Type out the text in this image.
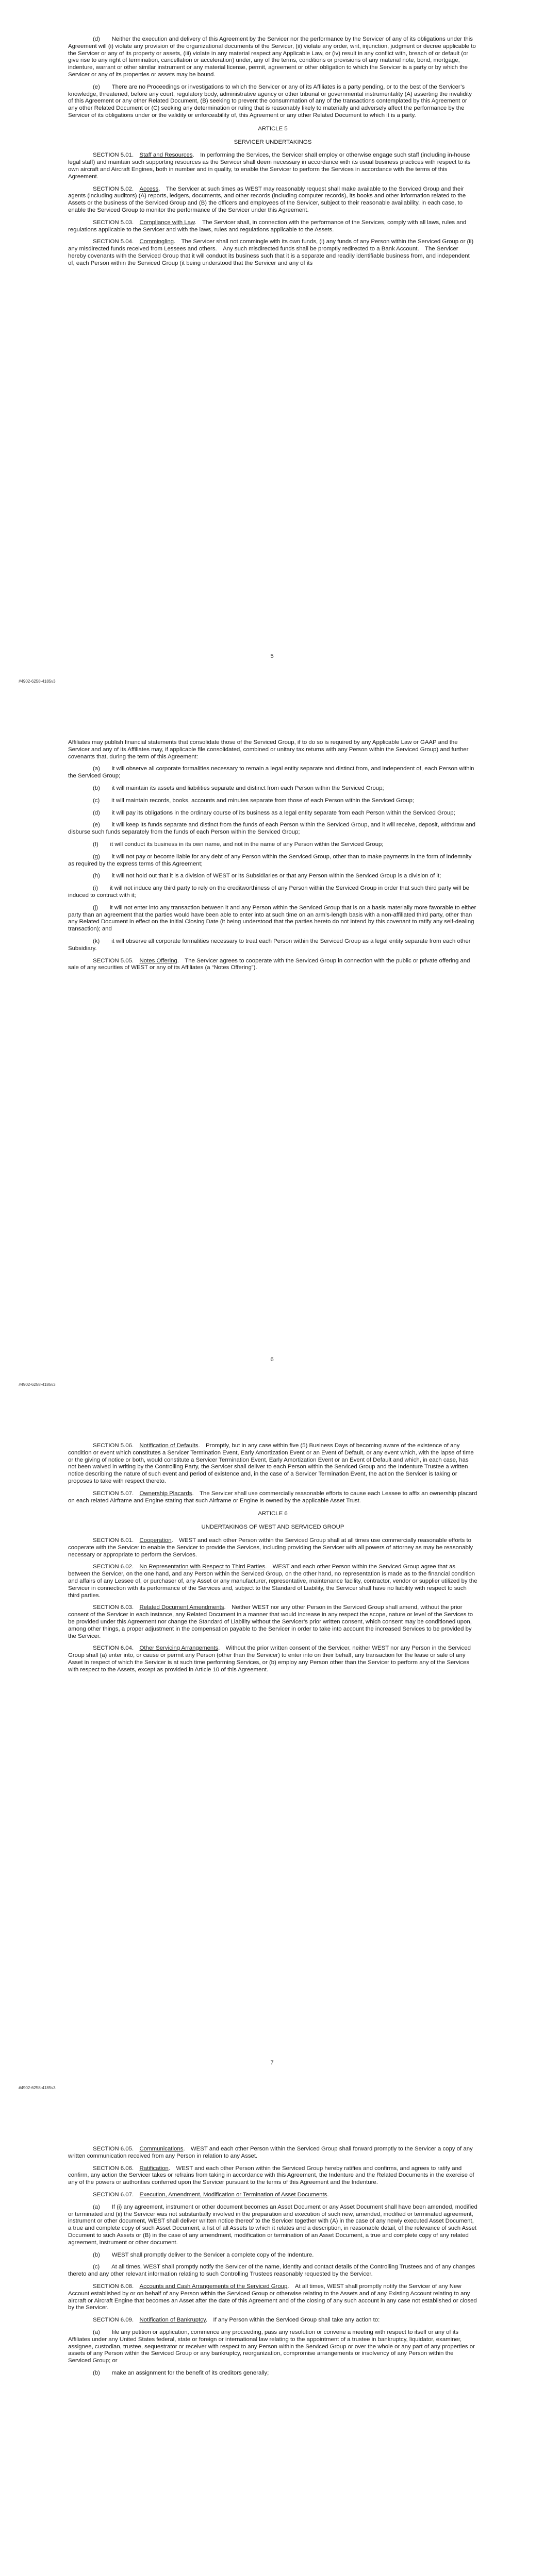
(d)  Neither the execution and delivery of this Agreement by the Servicer nor the performance by the Servicer of any of its obligations under this Agreement will (i) violate any provision of the organizational documents of the Servicer, (ii) violate any order, writ, injunction, judgment or decree applicable to the Servicer or any of its property or assets, (iii) violate in any material respect any Applicable Law, or (iv) result in any conflict with, breach of or default (or give rise to any right of termination, cancellation or acceleration) under, any of the terms, conditions or provisions of any material note, bond, mortgage, indenture, warrant or other similar instrument or any material license, permit, agreement or other obligation to which the Servicer is a party or by which the Servicer or any of its properties or assets may be bound.

(e)  There are no Proceedings or investigations to which the Servicer or any of its Affiliates is a party pending, or to the best of the Servicer’s knowledge, threatened, before any court, regulatory body, administrative agency or other tribunal or governmental instrumentality (A) asserting the invalidity of this Agreement or any other Related Document, (B) seeking to prevent the consummation of any of the transactions contemplated by this Agreement or any other Related Document or (C) seeking any determination or ruling that is reasonably likely to materially and adversely affect the performance by the Servicer of its obligations under or the validity or enforceability of, this Agreement or any other Related Document to which it is a party.

ARTICLE 5

SERVICER UNDERTAKINGS

SECTION 5.01.  Staff and Resources. In performing the Services, the Servicer shall employ or otherwise engage such staff (including in-house legal staff) and maintain such supporting resources as the Servicer shall deem necessary in accordance with its usual business practices with respect to its own aircraft and Aircraft Engines, both in number and in quality, to enable the Servicer to perform the Services in accordance with the terms of this Agreement.

SECTION 5.02.  Access. The Servicer at such times as WEST may reasonably request shall make available to the Serviced Group and their agents (including auditors) (A) reports, ledgers, documents, and other records (including computer records), its books and other information related to the Assets or the business of the Serviced Group and (B) the officers and employees of the Servicer, subject to their reasonable availability, in each case, to enable the Serviced Group to monitor the performance of the Servicer under this Agreement.

SECTION 5.03.  Compliance with Law. The Servicer shall, in connection with the performance of the Services, comply with all laws, rules and regulations applicable to the Servicer and with the laws, rules and regulations applicable to the Assets.

SECTION 5.04.  Commingling. The Servicer shall not commingle with its own funds, (i) any funds of any Person within the Serviced Group or (ii) any misdirected funds received from Lessees and others. Any such misdirected funds shall be promptly redirected to a Bank Account. The Servicer hereby covenants with the Serviced Group that it will conduct its business such that it is a separate and readily identifiable business from, and independent of, each Person within the Serviced Group (it being understood that the Servicer and any of its

5
#4902-6258-4185v3

Affiliates may publish financial statements that consolidate those of the Serviced Group, if to do so is required by any Applicable Law or GAAP and the Servicer and any of its Affiliates may, if applicable file consolidated, combined or unitary tax returns with any Person within the Serviced Group) and further covenants that, during the term of this Agreement:

(a)  it will observe all corporate formalities necessary to remain a legal entity separate and distinct from, and independent of, each Person within the Serviced Group;

(b)  it will maintain its assets and liabilities separate and distinct from each Person within the Serviced Group;

(c)  it will maintain records, books, accounts and minutes separate from those of each Person within the Serviced Group;

(d)  it will pay its obligations in the ordinary course of its business as a legal entity separate from each Person within the Serviced Group;

(e)  it will keep its funds separate and distinct from the funds of each Person within the Serviced Group, and it will receive, deposit, withdraw and disburse such funds separately from the funds of each Person within the Serviced Group;

(f)  it will conduct its business in its own name, and not in the name of any Person within the Serviced Group;

(g)  it will not pay or become liable for any debt of any Person within the Serviced Group, other than to make payments in the form of indemnity as required by the express terms of this Agreement;

(h)  it will not hold out that it is a division of WEST or its Subsidiaries or that any Person within the Serviced Group is a division of it;

(i)  it will not induce any third party to rely on the creditworthiness of any Person within the Serviced Group in order that such third party will be induced to contract with it;

(j)  it will not enter into any transaction between it and any Person within the Serviced Group that is on a basis materially more favorable to either party than an agreement that the parties would have been able to enter into at such time on an arm’s-length basis with a non-affiliated third party, other than any Related Document in effect on the Initial Closing Date (it being understood that the parties hereto do not intend by this covenant to ratify any self-dealing transaction); and

(k)  it will observe all corporate formalities necessary to treat each Person within the Serviced Group as a legal entity separate from each other Subsidiary.

SECTION 5.05.  Notes Offering. The Servicer agrees to cooperate with the Serviced Group in connection with the public or private offering and sale of any securities of WEST or any of its Affiliates (a “Notes Offering”).

6
#4902-6258-4185v3

SECTION 5.06.  Notification of Defaults. Promptly, but in any case within five (5) Business Days of becoming aware of the existence of any condition or event which constitutes a Servicer Termination Event, Early Amortization Event or an Event of Default, or any event which, with the lapse of time or the giving of notice or both, would constitute a Servicer Termination Event, Early Amortization Event or an Event of Default and which, in each case, has not been waived in writing by the Controlling Party, the Servicer shall deliver to each Person within the Serviced Group and the Indenture Trustee a written notice describing the nature of such event and period of existence and, in the case of a Servicer Termination Event, the action the Servicer is taking or proposes to take with respect thereto.

SECTION 5.07.  Ownership Placards. The Servicer shall use commercially reasonable efforts to cause each Lessee to affix an ownership placard on each related Airframe and Engine stating that such Airframe or Engine is owned by the applicable Asset Trust.

ARTICLE 6

UNDERTAKINGS OF WEST AND SERVICED GROUP

SECTION 6.01.  Cooperation. WEST and each other Person within the Serviced Group shall at all times use commercially reasonable efforts to cooperate with the Servicer to enable the Servicer to provide the Services, including providing the Servicer with all powers of attorney as may be reasonably necessary or appropriate to perform the Services.

SECTION 6.02.  No Representation with Respect to Third Parties. WEST and each other Person within the Serviced Group agree that as between the Servicer, on the one hand, and any Person within the Serviced Group, on the other hand, no representation is made as to the financial condition and affairs of any Lessee of, or purchaser of, any Asset or any manufacturer, representative, maintenance facility, contractor, vendor or supplier utilized by the Servicer in connection with its performance of the Services and, subject to the Standard of Liability, the Servicer shall have no liability with respect to such third parties.

SECTION 6.03.  Related Document Amendments. Neither WEST nor any other Person in the Serviced Group shall amend, without the prior consent of the Servicer in each instance, any Related Document in a manner that would increase in any respect the scope, nature or level of the Services to be provided under this Agreement nor change the Standard of Liability without the Servicer’s prior written consent, which consent may be conditioned upon, among other things, a proper adjustment in the compensation payable to the Servicer in order to take into account the increased Services to be provided by the Servicer.

SECTION 6.04.  Other Servicing Arrangements. Without the prior written consent of the Servicer, neither WEST nor any Person in the Serviced Group shall (a) enter into, or cause or permit any Person (other than the Servicer) to enter into on their behalf, any transaction for the lease or sale of any Asset in respect of which the Servicer is at such time performing Services, or (b) employ any Person other than the Servicer to perform any of the Services with respect to the Assets, except as provided in Article 10 of this Agreement.

7
#4902-6258-4185v3

SECTION 6.05.  Communications. WEST and each other Person within the Serviced Group shall forward promptly to the Servicer a copy of any written communication received from any Person in relation to any Asset.

SECTION 6.06.  Ratification. WEST and each other Person within the Serviced Group hereby ratifies and confirms, and agrees to ratify and confirm, any action the Servicer takes or refrains from taking in accordance with this Agreement, the Indenture and the Related Documents in the exercise of any of the powers or authorities conferred upon the Servicer pursuant to the terms of this Agreement and the Indenture.

SECTION 6.07.  Execution, Amendment, Modification or Termination of Asset Documents.

(a)  If (i) any agreement, instrument or other document becomes an Asset Document or any Asset Document shall have been amended, modified or terminated and (ii) the Servicer was not substantially involved in the preparation and execution of such new, amended, modified or terminated agreement, instrument or other document, WEST shall deliver written notice thereof to the Servicer together with (A) in the case of any newly executed Asset Document, a true and complete copy of such Asset Document, a list of all Assets to which it relates and a description, in reasonable detail, of the relevance of such Asset Document to such Assets or (B) in the case of any amendment, modification or termination of an Asset Document, a true and complete copy of any related agreement, instrument or other document.

(b)  WEST shall promptly deliver to the Servicer a complete copy of the Indenture.

(c)  At all times, WEST shall promptly notify the Servicer of the name, identity and contact details of the Controlling Trustees and of any changes thereto and any other relevant information relating to such Controlling Trustees reasonably requested by the Servicer.

SECTION 6.08.  Accounts and Cash Arrangements of the Serviced Group. At all times, WEST shall promptly notify the Servicer of any New Account established by or on behalf of any Person within the Serviced Group or otherwise relating to the Assets and of any Existing Account relating to any aircraft or Aircraft Engine that becomes an Asset after the date of this Agreement and of the closing of any such account in any case not established or closed by the Servicer.

SECTION 6.09.  Notification of Bankruptcy. If any Person within the Serviced Group shall take any action to:

(a)  file any petition or application, commence any proceeding, pass any resolution or convene a meeting with respect to itself or any of its Affiliates under any United States federal, state or foreign or international law relating to the appointment of a trustee in bankruptcy, liquidator, examiner, assignee, custodian, trustee, sequestrator or receiver with respect to any Person within the Serviced Group or over the whole or any part of any properties or assets of any Person within the Serviced Group or any bankruptcy, reorganization, compromise arrangements or insolvency of any Person within the Serviced Group; or

(b)  make an assignment for the benefit of its creditors generally;
